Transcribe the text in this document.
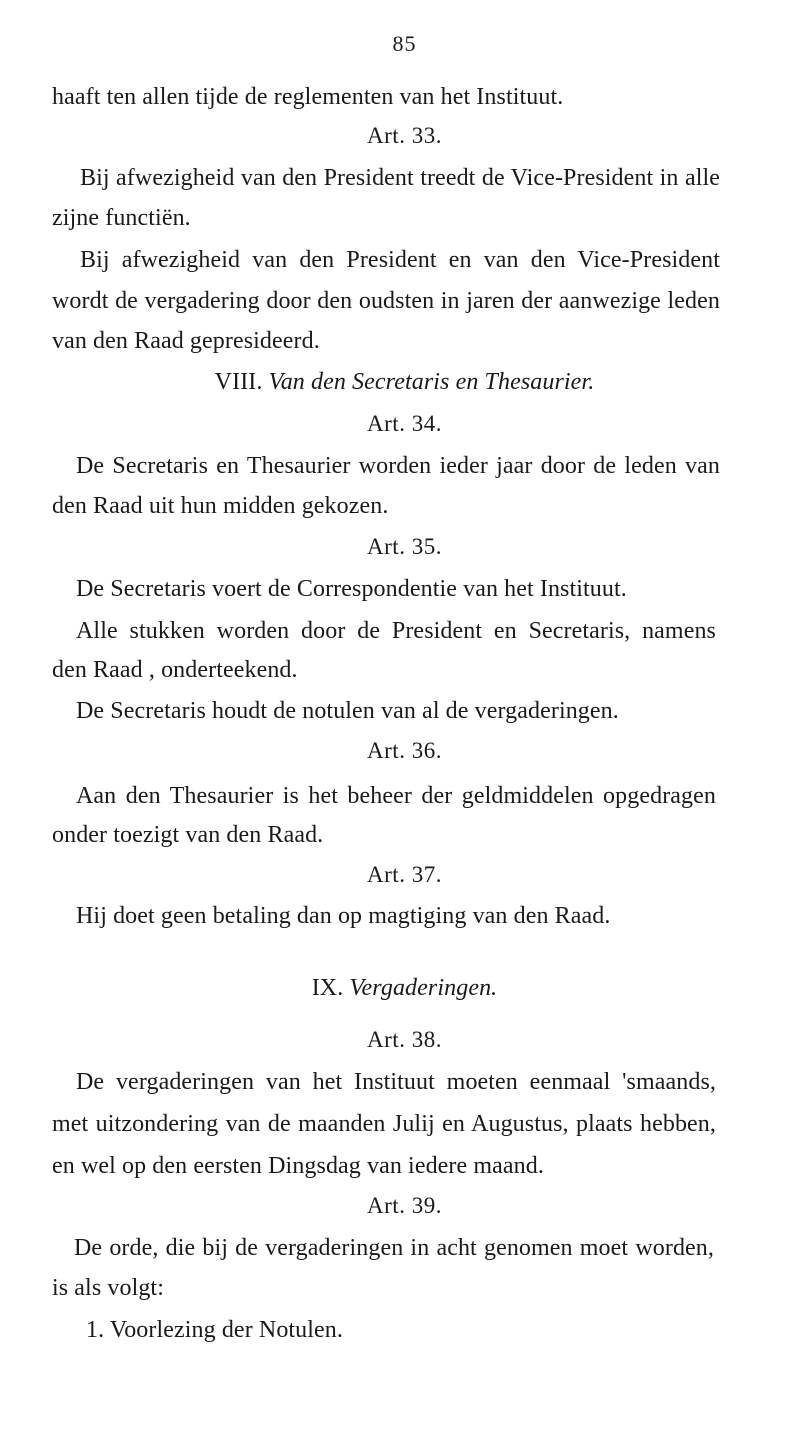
85

haaft ten allen tijde de reglementen van het Instituut.

Art. 33.

Bij afwezigheid van den President treedt de Vice-President in alle

zijne functiën.

Bij afwezigheid van den President en van den Vice-President

wordt de vergadering door den oudsten in jaren der aanwezige leden

van den Raad gepresideerd.

VIII. Van den Secretaris en Thesaurier.
Art. 34.

De Secretaris en Thesaurier worden ieder jaar door de leden van

den Raad uit hun midden gekozen.

Art. 35.

De Secretaris voert de Correspondentie van het Instituut.

Alle stukken worden door de President en Secretaris, namens

den Raad , onderteekend.

De Secretaris houdt de notulen van al de vergaderingen.

Art. 36.

Aan den Thesaurier is het beheer der geldmiddelen opgedragen

onder toezigt van den Raad.

Art. 37.

Hij doet geen betaling dan op magtiging van den Raad.

IX. Vergaderingen.
Art. 38.

De vergaderingen van het Instituut moeten eenmaal 'smaands,

met uitzondering van de maanden Julij en Augustus, plaats hebben,

en wel op den eersten Dingsdag van iedere maand.

Art. 39.

De orde, die bij de vergaderingen in acht genomen moet worden,

is als volgt:

1. Voorlezing der Notulen.
